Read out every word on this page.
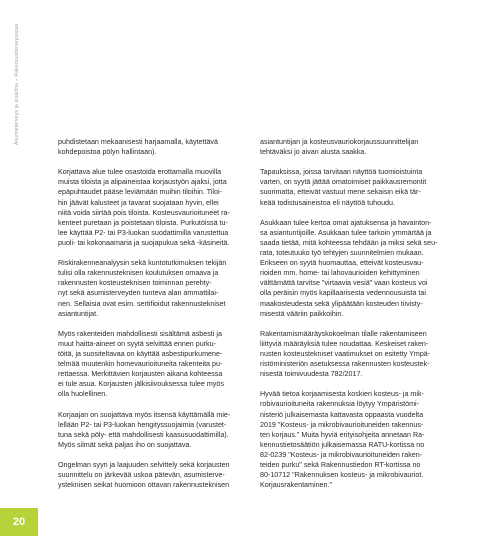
Asumisterveys ja sisäilma – Rakennusterveysopas	puhdistetaan mekaanisesti harjaamalla, käytettävä
kohdepoistoa pölyn hallintaan).

Korjattava alue tulee osastoida erottamalla muovilla
muista tiloista ja alipaineistaa korjaustyön ajaksi, jotta
epäpuhtaudet pääse leviämään muihin tiloihin. Tiloi-
hin jäävät kalusteet ja tavarat suojataan hyvin, ellei
niitä voida siirtää pois tiloista. Kosteusvaurioituneet ra-
kenteet puretaan ja poistetaan tiloista. Purkutöissä tu-
lee käyttää P2- tai P3-luokan suodattimilla varustettua
puoli- tai kokonaamaria ja suojapukua sekä -käsineitä.

Riskirakenneanalyysin sekä kuntotutkimuksen tekijän
tulisi olla rakennusteknisen koulutuksen omaava ja
rakennusten kosteusteknisen toiminnan perehty-
nyt sekä asumisterveyden tunteva alan ammattilai-
nen. Sellaisia ovat esim. sertifioidut rakennustekniset
asiantuntijat.

Myös rakenteiden mahdollisesti sisältämä asbesti ja
muut haitta-aineet on syytä selvittää ennen purku-
töitä, ja suositeltavaa on käyttää asbestipurkumene-
telmää muutenkin homevaurioituneita rakenteita pu-
rettaessa. Merkittävien korjausten aikana kohteessa
ei tule asua. Korjausten jälkisiivouksessa tulee myös
olla huolellinen.

Korjaajan on suojattava myös itsensä käyttämällä mie-
lellään P2- tai P3-luokan hengityssuojaimia (varustet-
tuna sekä pöly- että mahdollisesti kaasusuodattimilla).
Myös silmät sekä paljas iho on suojattava.

Ongelman syyn ja laajuuden selvittely sekä korjausten
suunnittelu on järkevää uskoa pätevän, asumisterve-
ysteknisen seikat huomioon ottavan rakennusteknisen

asiantuntijan ja kosteusvauriokorjaussuunnittelijan
tehtäväksi jo aivan alusta saakka.

Tapauksissa, joissa tarvitaan näyttöä tuomioistuinta
varten, on syytä jättää omatoimiset paikkausremontit
suorimatta, etteivät vastuut mene sekaisin eikä tär-
keää todistusaineistoa eli näyttöä tuhoudu.

Asukkaan tulee kertoa omat ajatuksensa ja havainton-
sa asiantuntijoille. Asukkaan tulee tarkoin ymmärtää ja
saada tietää, mitä kohteessa tehdään ja miksi sekä seu-
rata, toteutuuko työ tehtyjen suunnitelmien mukaan.
Erikseen on syytä huomauttaa, etteivät kosteusvau-
rioiden mm. home- tai lahovaurioiden kehittyminen
välttämättä tarvitse "virtaavia vesiä" vaan kosteus voi
olla peräisin myös kapillaarisesta vedennousuista tai
maakosteudesta sekä ylipäätään kosteuden tiivisty-
misestä vääriin paikkoihin.

Rakentamismääräyskokoelman tilalle rakentamiseen
liittyviä määräyksiä tulee noudattaa. Keskeiset raken-
nusten kosteustekniset vaatimukset on esitetty Ympä-
ristöministeriön asetuksessa rakennusten kosteustek-
nisestä toimivuudesta 782/2017.

Hyvää tietoa korjaamisesta koskien kosteus- ja mik-
robivaurioituneita rakennuksia löytyy Ympäristömi-
nisteriö julkaisemasta kattavasta oppaasta vuodelta
2019 "Kosteus- ja mikrobivaurioituneiden rakennus-
ten korjaus." Muita hyviä erityisohjeita annetaan Ra-
kennustietosäätiön julkaisemassa RATU-kortissa no
82-0239 "Kosteus- ja mikrobivaurioituneiden raken-
teiden purku" sekä Rakennustiedon RT-kortissa no
80-10712 "Rakennuksen kosteus- ja mikrobivauriot.
Korjausrakentaminen."

20
